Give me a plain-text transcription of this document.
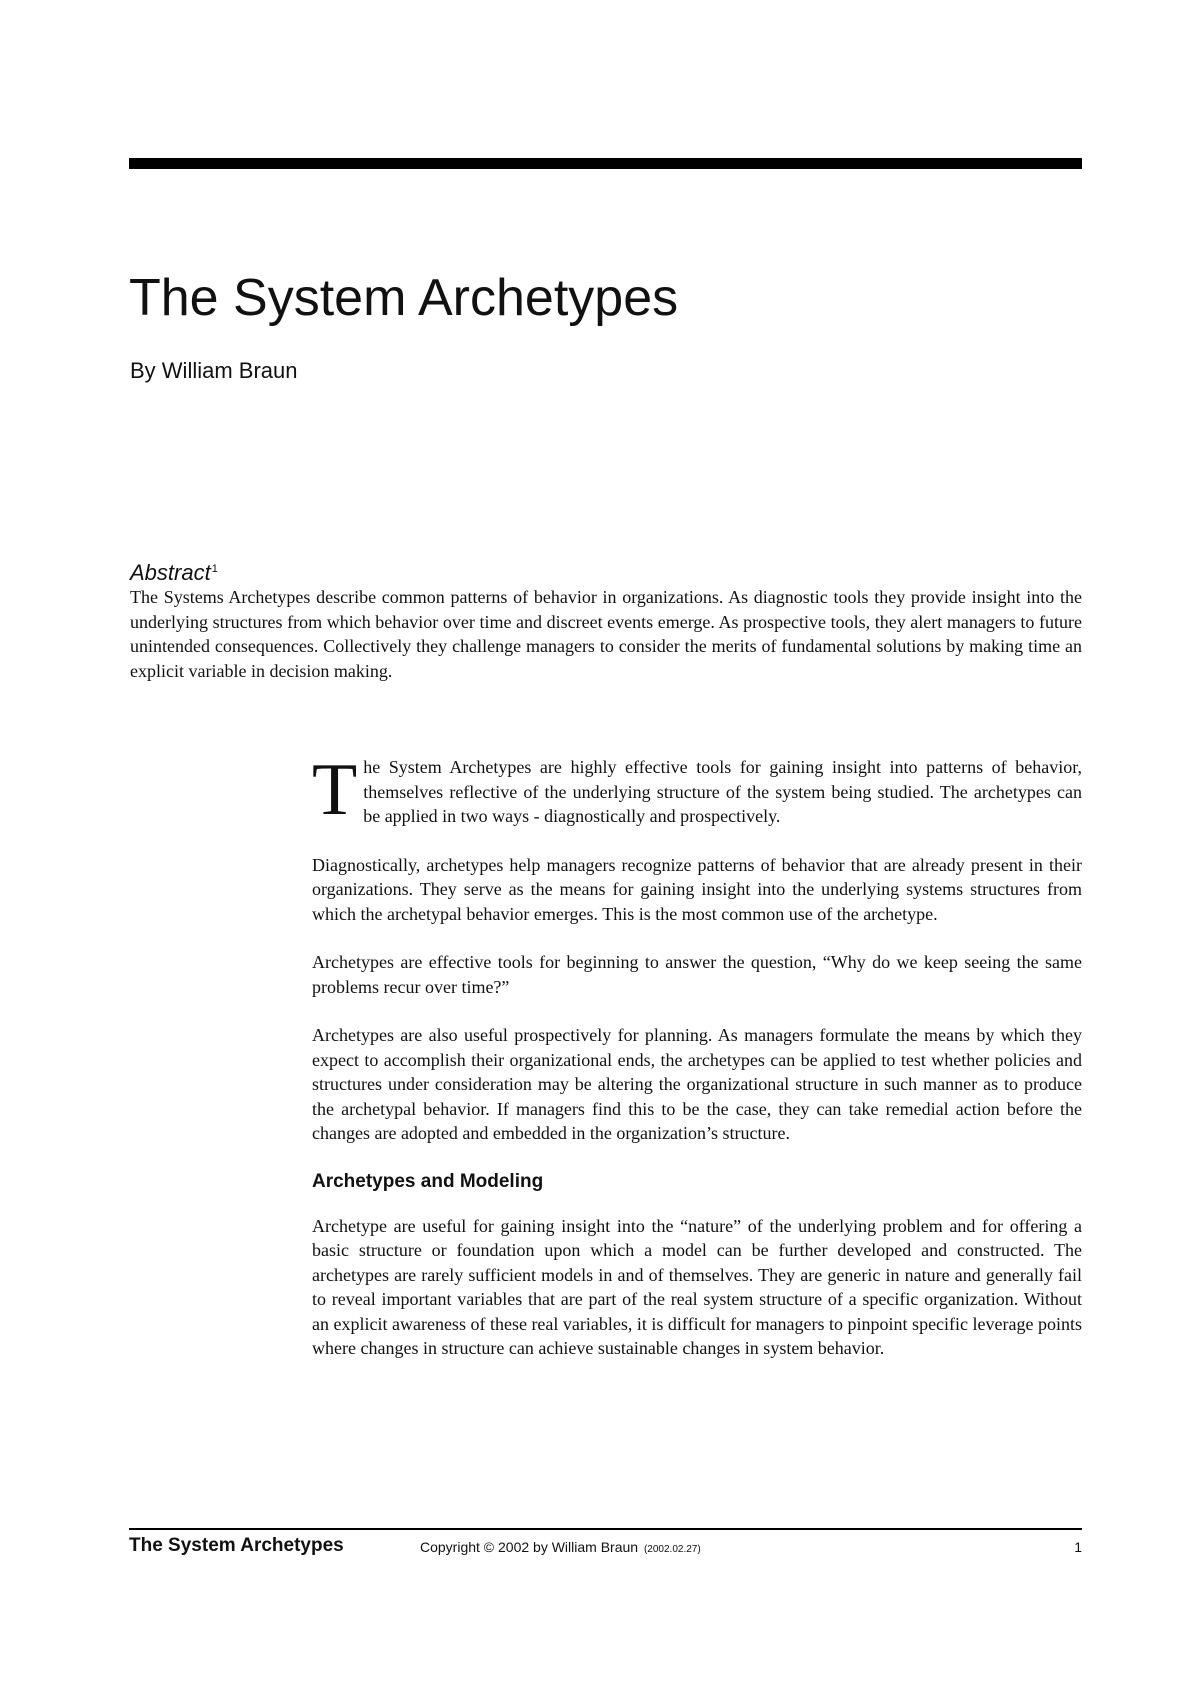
The System Archetypes
By William Braun
Abstract$^1$

The Systems Archetypes describe common patterns of behavior in organizations. As diagnostic tools they provide insight into the underlying structures from which behavior over time and discreet events emerge. As prospective tools, they alert managers to future unintended consequences. Collectively they challenge managers to consider the merits of fundamental solutions by making time an explicit variable in decision making.

The System Archetypes are highly effective tools for gaining insight into patterns of behavior, themselves reflective of the underlying structure of the system being studied. The archetypes can be applied in two ways - diagnostically and prospectively.

Diagnostically, archetypes help managers recognize patterns of behavior that are already present in their organizations. They serve as the means for gaining insight into the underlying systems structures from which the archetypal behavior emerges. This is the most common use of the archetype.

Archetypes are effective tools for beginning to answer the question, “Why do we keep seeing the same problems recur over time?”

Archetypes are also useful prospectively for planning. As managers formulate the means by which they expect to accomplish their organizational ends, the archetypes can be applied to test whether policies and structures under consideration may be altering the organizational structure in such manner as to produce the archetypal behavior. If managers find this to be the case, they can take remedial action before the changes are adopted and embedded in the organization’s structure.

Archetypes and Modeling

Archetype are useful for gaining insight into the “nature” of the underlying problem and for offering a basic structure or foundation upon which a model can be further developed and constructed. The archetypes are rarely sufficient models in and of themselves. They are generic in nature and generally fail to reveal important variables that are part of the real system structure of a specific organization. Without an explicit awareness of these real variables, it is difficult for managers to pinpoint specific leverage points where changes in structure can achieve sustainable changes in system behavior.

The System Archetypes	Copyright © 2002 by William Braun (2002.02.27)	1
